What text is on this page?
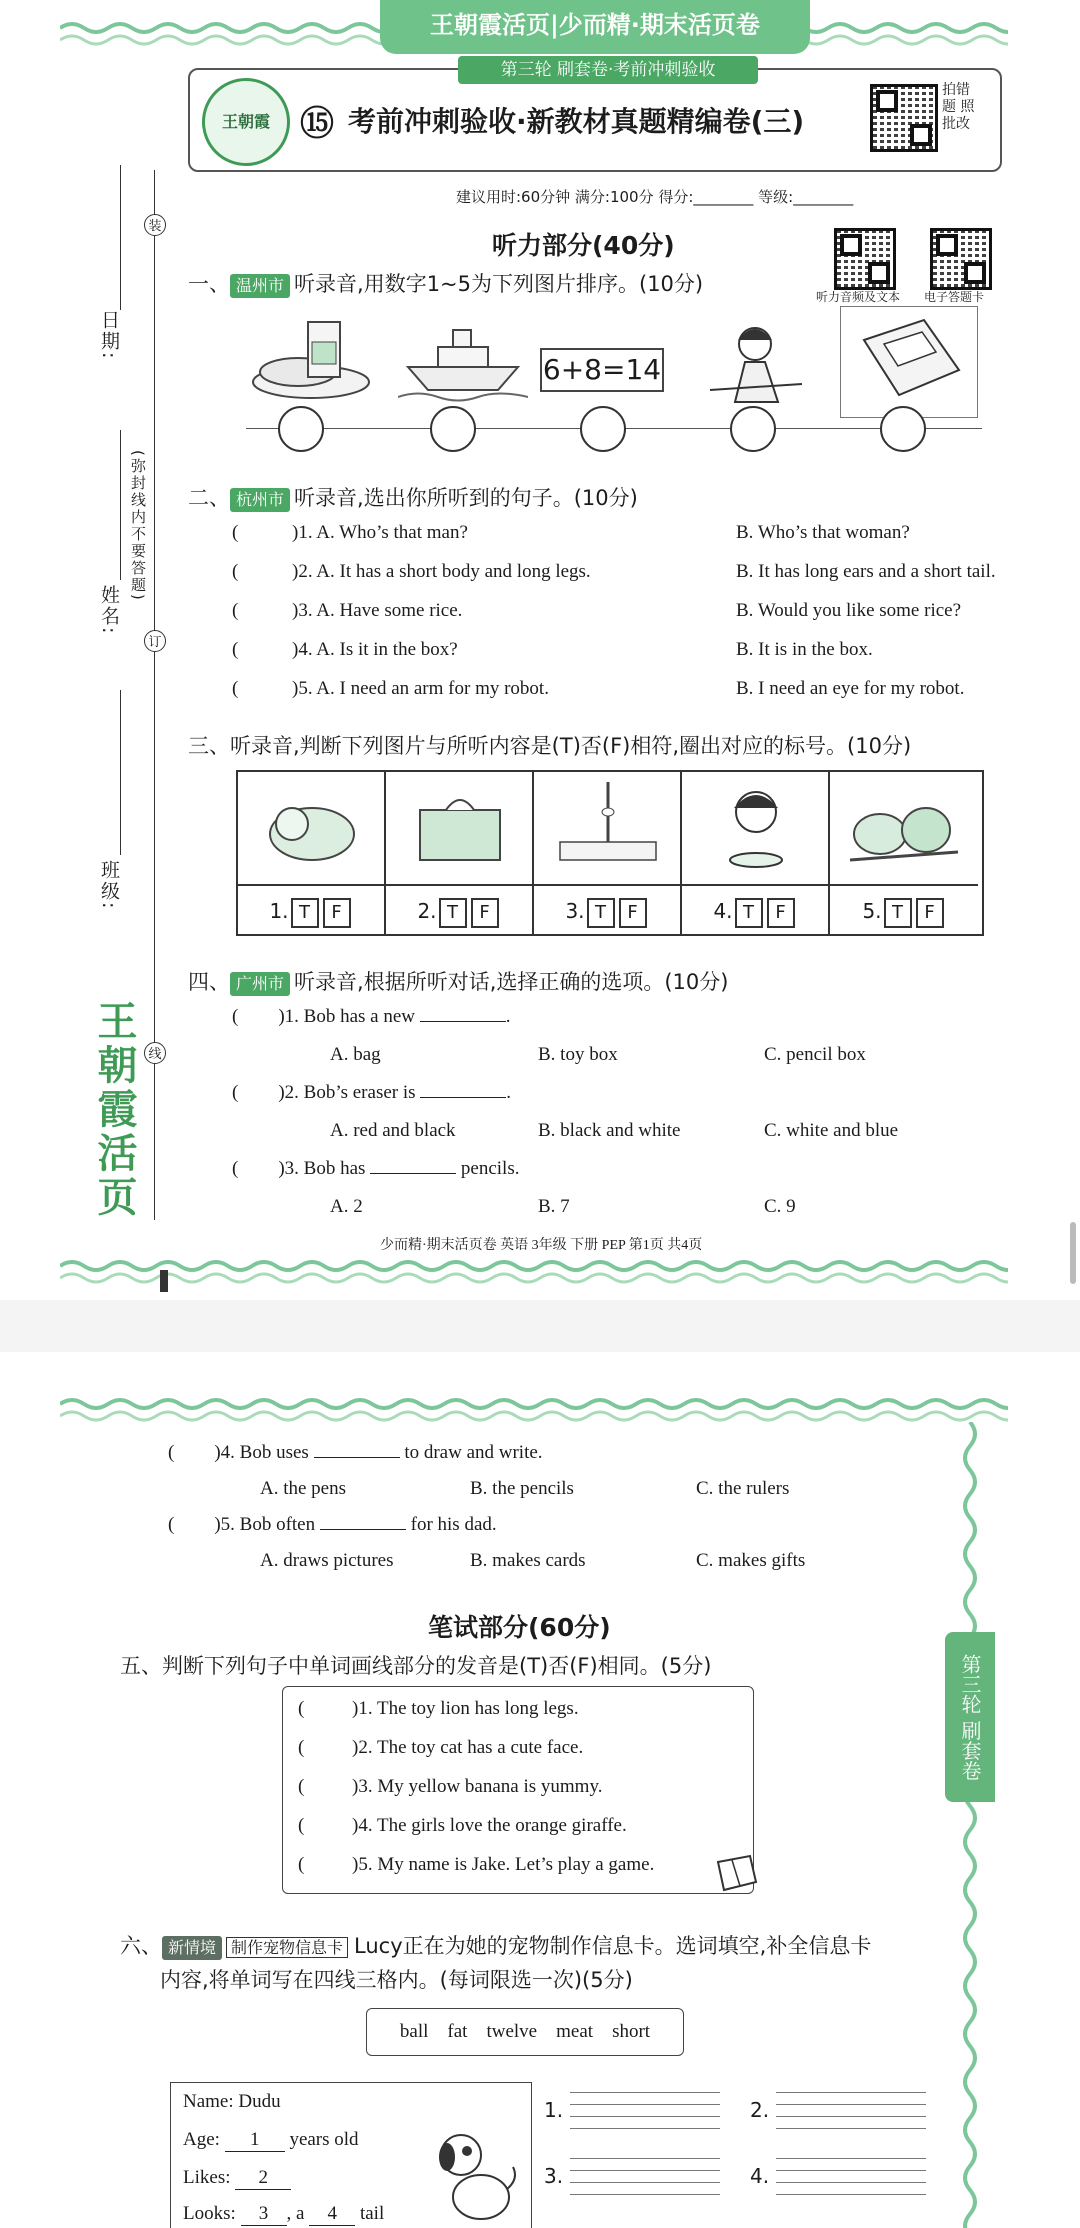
王朝霞活页|少而精·期末活页卷
第三轮 刷套卷·考前冲刺验收
王朝霞 ⑮ 考前冲刺验收·新教材真题精编卷(三)
拍错题 照批改
建议用时:60分钟 满分:100分 得分:________ 等级:________
听力部分(40分)
听力音频及文本 电子答题卡
日期:
姓名:
班级:
(弥封线内不要答题)
装
订
线
王朝霞活页
一、 温州市 听录音,用数字1~5为下列图片排序。(10分)
6+8=14
二、 杭州市 听录音,选出你所听到的句子。(10分)
(	)1. A. Who’s that man?	B. Who’s that woman?
(	)2. A. It has a short body and long legs.	B. It has long ears and a short tail.
(	)3. A. Have some rice.	B. Would you like some rice?
(	)4. A. Is it in the box?	B. It is in the box.
(	)5. A. I need an arm for my robot.	B. I need an eye for my robot.
三、听录音,判断下列图片与所听内容是(T)否(F)相符,圈出对应的标号。(10分)
1. T F	2. T F	3. T F	4. T F	5. T F
四、 广州市 听录音,根据所听对话,选择正确的选项。(10分)
( )1. Bob has a new	.
A. bag	B. toy box	C. pencil box
( )2. Bob’s eraser is	.
A. red and black	B. black and white	C. white and blue
( )3. Bob has	pencils.
A. 2	B. 7	C. 9
少而精·期末活页卷 英语 3年级 下册 PEP 第1页 共4页
( )4. Bob uses	to draw and write.
A. the pens	B. the pencils	C. the rulers
( )5. Bob often	for his dad.
A. draws pictures	B. makes cards	C. makes gifts
笔试部分(60分)
五、判断下列句子中单词画线部分的发音是(T)否(F)相同。(5分)
(	)1. The toy lion has long legs.
(	)2. The toy cat has a cute face.
(	)3. My yellow banana is yummy.
(	)4. The girls love the orange giraffe.
(	)5. My name is Jake. Let’s play a game.
第三轮 刷套卷
六、 新情境 制作宠物信息卡 Lucy正在为她的宠物制作信息卡。选词填空,补全信息卡
内容,将单词写在四线三格内。(每词限选一次)(5分)
ball fat twelve meat short
Name: Dudu
Age: 1 years old
Likes: 2
Looks: 3 , a 4 tail
1.	2.
3.	4.
